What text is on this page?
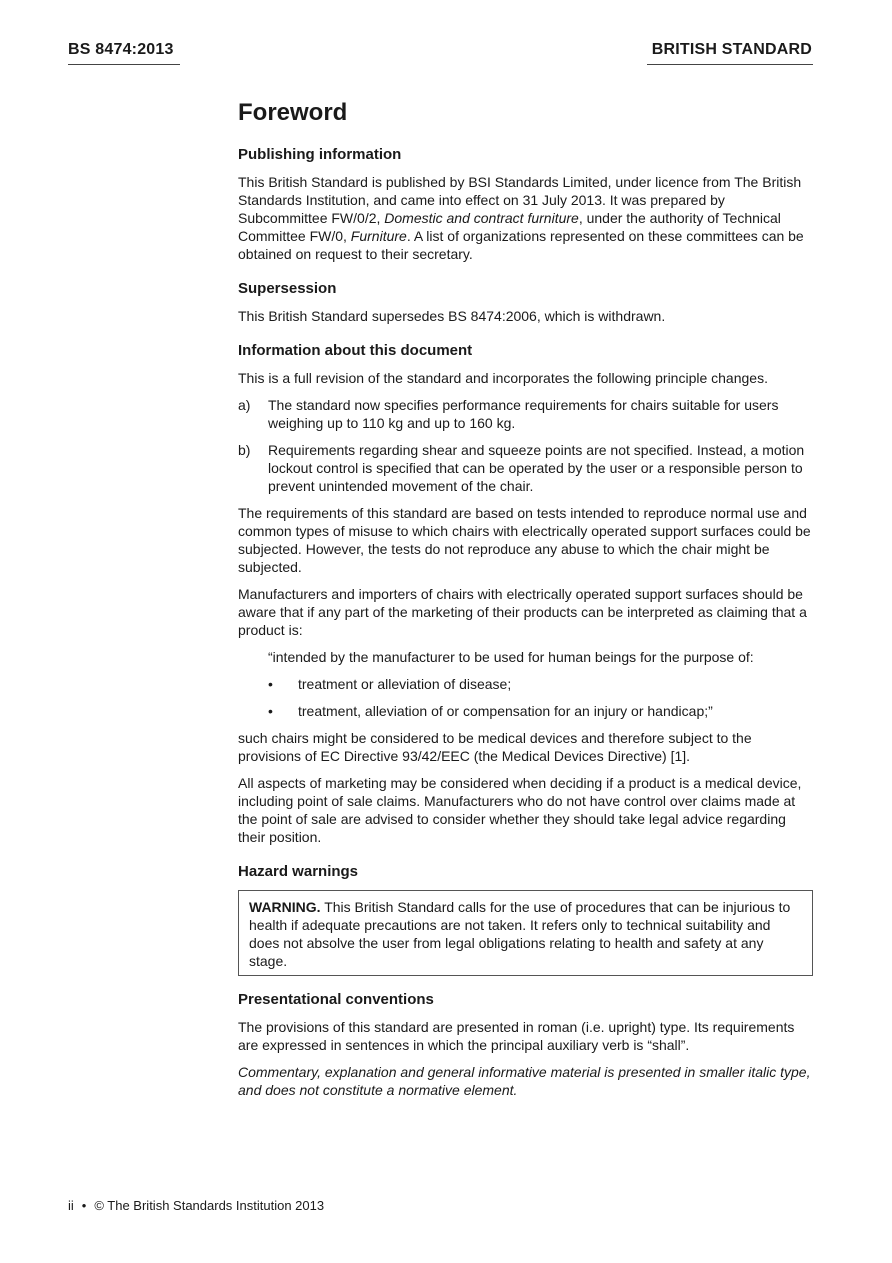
BS 8474:2013	BRITISH STANDARD
Foreword
Publishing information

This British Standard is published by BSI Standards Limited, under licence from The British Standards Institution, and came into effect on 31 July 2013. It was prepared by Subcommittee FW/0/2, Domestic and contract furniture, under the authority of Technical Committee FW/0, Furniture. A list of organizations represented on these committees can be obtained on request to their secretary.

Supersession

This British Standard supersedes BS 8474:2006, which is withdrawn.

Information about this document

This is a full revision of the standard and incorporates the following principle changes.

a)	The standard now specifies performance requirements for chairs suitable for users weighing up to 110 kg and up to 160 kg.
b)	Requirements regarding shear and squeeze points are not specified. Instead, a motion lockout control is specified that can be operated by the user or a responsible person to prevent unintended movement of the chair.

The requirements of this standard are based on tests intended to reproduce normal use and common types of misuse to which chairs with electrically operated support surfaces could be subjected. However, the tests do not reproduce any abuse to which the chair might be subjected.

Manufacturers and importers of chairs with electrically operated support surfaces should be aware that if any part of the marketing of their products can be interpreted as claiming that a product is:

“intended by the manufacturer to be used for human beings for the purpose of:

•	treatment or alleviation of disease;
•	treatment, alleviation of or compensation for an injury or handicap;”

such chairs might be considered to be medical devices and therefore subject to the provisions of EC Directive 93/42/EEC (the Medical Devices Directive) [1].

All aspects of marketing may be considered when deciding if a product is a medical device, including point of sale claims. Manufacturers who do not have control over claims made at the point of sale are advised to consider whether they should take legal advice regarding their position.

Hazard warnings
WARNING. This British Standard calls for the use of procedures that can be injurious to health if adequate precautions are not taken. It refers only to technical suitability and does not absolve the user from legal obligations relating to health and safety at any stage.
Presentational conventions

The provisions of this standard are presented in roman (i.e. upright) type. Its requirements are expressed in sentences in which the principal auxiliary verb is “shall”.

Commentary, explanation and general informative material is presented in smaller italic type, and does not constitute a normative element.

ii • © The British Standards Institution 2013
